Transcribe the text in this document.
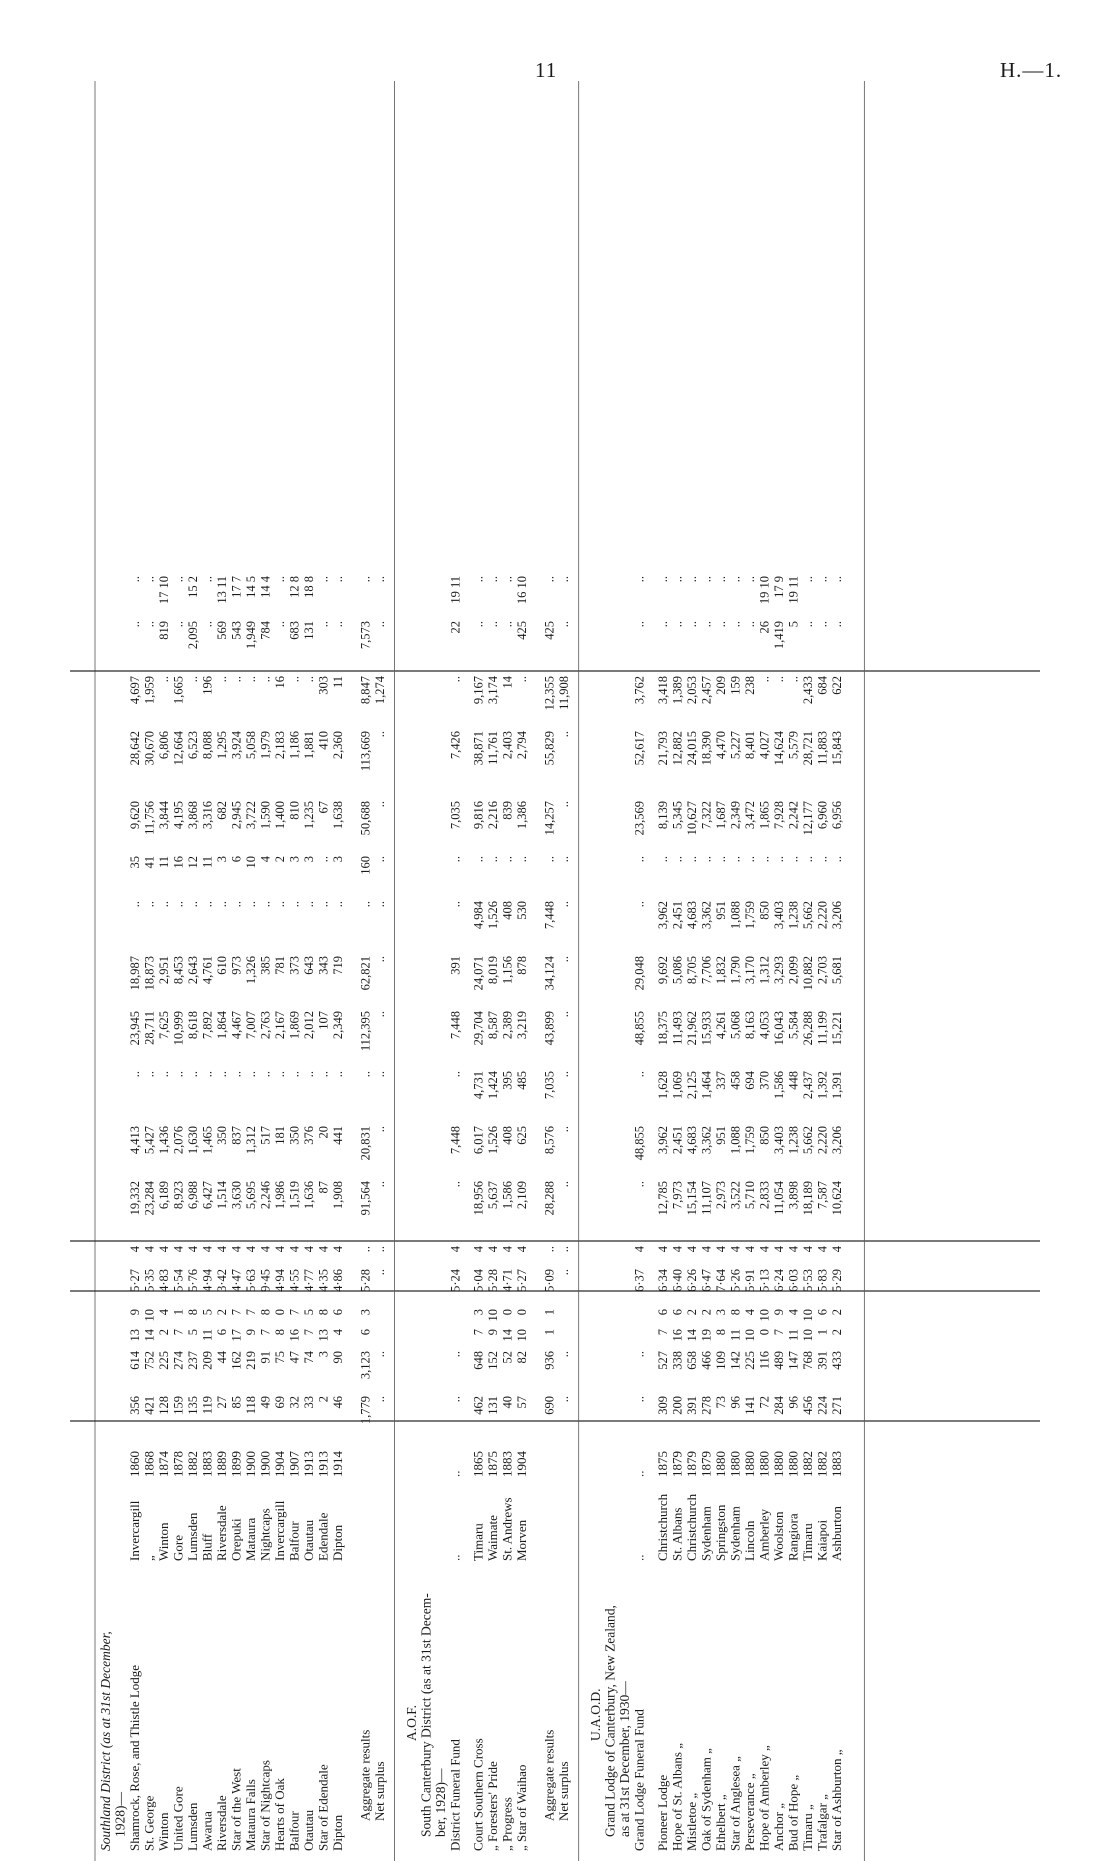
11	H.—1.
Southland District (as at 31st December, 1928)— Shamrock, Rose, and Thistle Lodge
Invercargill
1860
356
614
13
9
5·27
4
19,332
4,413
..
23,945
18,987
..
35
9,620
28,642
4,697
..
..
St. George
„
1868
421
752
14
10
5·35
4
23,284
5,427
..
28,711
18,873
..
41
11,756
30,670
1,959
..
..
Winton
Winton
1874
128
225
2
4
4·83
4
6,189
1,436
..
7,625
2,951
..
11
3,844
6,806
..
819
17 10
United Gore
Gore
1878
159
274
7
1
5·54
4
8,923
2,076
..
10,999
8,453
..
16
4,195
12,664
1,665
..
..
Lumsden
Lumsden
1882
135
237
5
8
5·76
4
6,988
1,630
..
8,618
2,643
..
12
3,868
6,523
..
2,095
15 2
Awarua
Bluff
1883
119
209
11
5
4·94
4
6,427
1,465
..
7,892
4,761
..
11
3,316
8,088
196
..
..
Riversdale
Riversdale
1889
27
44
6
2
3·42
4
1,514
350
..
1,864
610
..
3
682
1,295
..
569
13 11
Star of the West
Orepuki
1899
85
162
17
7
4·47
4
3,630
837
..
4,467
973
..
6
2,945
3,924
..
543
17 7
Mataura Falls
Mataura
1900
118
219
9
7
5·63
4
5,695
1,312
..
7,007
1,326
..
10
3,722
5,058
..
1,949
14 5
Star of Nightcaps
Nightcaps
1900
49
91
7
8
9·45
4
2,246
517
..
2,763
385
..
4
1,590
1,979
..
784
14 4
Hearts of Oak
Invercargill
1904
69
75
8
0
4·94
4
1,986
181
..
2,167
781
..
2
1,400
2,183
16
..
..
Balfour
Balfour
1907
32
47
16
7
4·55
4
1,519
350
..
1,869
373
..
3
810
1,186
..
683
12 8
Otautau
Otautau
1913
33
74
7
5
4·77
4
1,636
376
..
2,012
643
..
3
1,235
1,881
..
131
18 8
Star of Edendale
Edendale
1913
2
3
13
8
4·35
4
87
20
..
107
343
..
..
67
410
303
..
..
Dipton
Dipton
1914
46
90
4
6
4·86
4
1,908
441
..
2,349
719
..
3
1,638
2,360
11
..
..
Aggregate results
1,779
3,123
6
3
5·28
..
91,564
20,831
..
112,395
62,821
..
160
50,688
113,669
8,847
7,573
..
Net surplus
..
..
..
..
..
..
..
..
..
..
..
..
..
1,274
..
..
A.O.F. South Canterbury District (as at 31st Decem- ber, 1928)— District Funeral Fund
..
..
..
..
5·24
4
..
7,448
..
7,448
391
..
..
7,035
7,426
..
22
19 11
Court Southern Cross
Timaru
1865
462
648
7
3
5·04
4
18,956
6,017
4,731
29,704
24,071
4,984
..
9,816
38,871
9,167
..
..
„ Foresters' Pride
Waimate
1875
131
152
9
10
5·28
4
5,637
1,526
1,424
8,587
8,019
1,526
..
2,216
11,761
3,174
..
..
„ Progress
St. Andrews
1883
40
52
14
0
4·71
4
1,586
408
395
2,389
1,156
408
..
839
2,403
14
..
..
„ Star of Waihao
Morven
1904
57
82
10
0
5·27
4
2,109
625
485
3,219
878
530
..
1,386
2,794
..
425
16 10
Aggregate results
690
936
1
1
5·09
..
28,288
8,576
7,035
43,899
34,124
7,448
..
14,257
55,829
12,355
425
..
Net surplus
..
..
..
..
..
..
..
..
..
..
..
..
..
11,908
..
..
U.A.O.D. Grand Lodge of Canterbury, New Zealand, as at 31st December, 1930— Grand Lodge Funeral Fund
..
..
..
..
6·37
4
..
48,855
..
48,855
29,048
..
..
23,569
52,617
3,762
..
..
Pioneer Lodge
Christchurch
1875
309
527
7
6
6·34
4
12,785
3,962
1,628
18,375
9,692
3,962
..
8,139
21,793
3,418
..
..
Hope of St. Albans „
St. Albans
1879
200
338
16
6
6·40
4
7,973
2,451
1,069
11,493
5,086
2,451
..
5,345
12,882
1,389
..
..
Mistletoe „
Christchurch
1879
391
658
14
2
6·26
4
15,154
4,683
2,125
21,962
8,705
4,683
..
10,627
24,015
2,053
..
..
Oak of Sydenham „
Sydenham
1879
278
466
19
2
6·47
4
11,107
3,362
1,464
15,933
7,706
3,362
..
7,322
18,390
2,457
..
..
Ethelbert „
Springston
1880
73
109
8
3
7·64
4
2,973
951
337
4,261
1,832
951
..
1,687
4,470
209
..
..
Star of Anglesea „
Sydenham
1880
96
142
11
8
5·26
4
3,522
1,088
458
5,068
1,790
1,088
..
2,349
5,227
159
..
..
Perseverance „
Lincoln
1880
141
225
10
4
5·91
4
5,710
1,759
694
8,163
3,170
1,759
..
3,472
8,401
238
..
..
Hope of Amberley „
Amberley
1880
72
116
0
10
5·13
4
2,833
850
370
4,053
1,312
850
..
1,865
4,027
..
26
19 10
Anchor „
Woolston
1880
284
489
7
9
6·24
4
11,054
3,403
1,586
16,043
3,293
3,403
..
7,928
14,624
..
1,419
17 9
Bud of Hope „
Rangiora
1880
96
147
11
4
6·03
4
3,898
1,238
448
5,584
2,099
1,238
..
2,242
5,579
..
5
19 11
Timaru „
Timaru
1882
456
768
10
10
5·53
4
18,189
5,662
2,437
26,288
10,882
5,662
..
12,177
28,721
2,433
..
..
Trafalgar „
Kaiapoi
1882
224
391
1
6
5·83
4
7,587
2,220
1,392
11,199
2,703
2,220
..
6,960
11,883
684
..
..
Star of Ashburton „
Ashburton
1883
271
433
2
2
5·29
4
10,624
3,206
1,391
15,221
5,681
3,206
..
6,956
15,843
622
..
..
